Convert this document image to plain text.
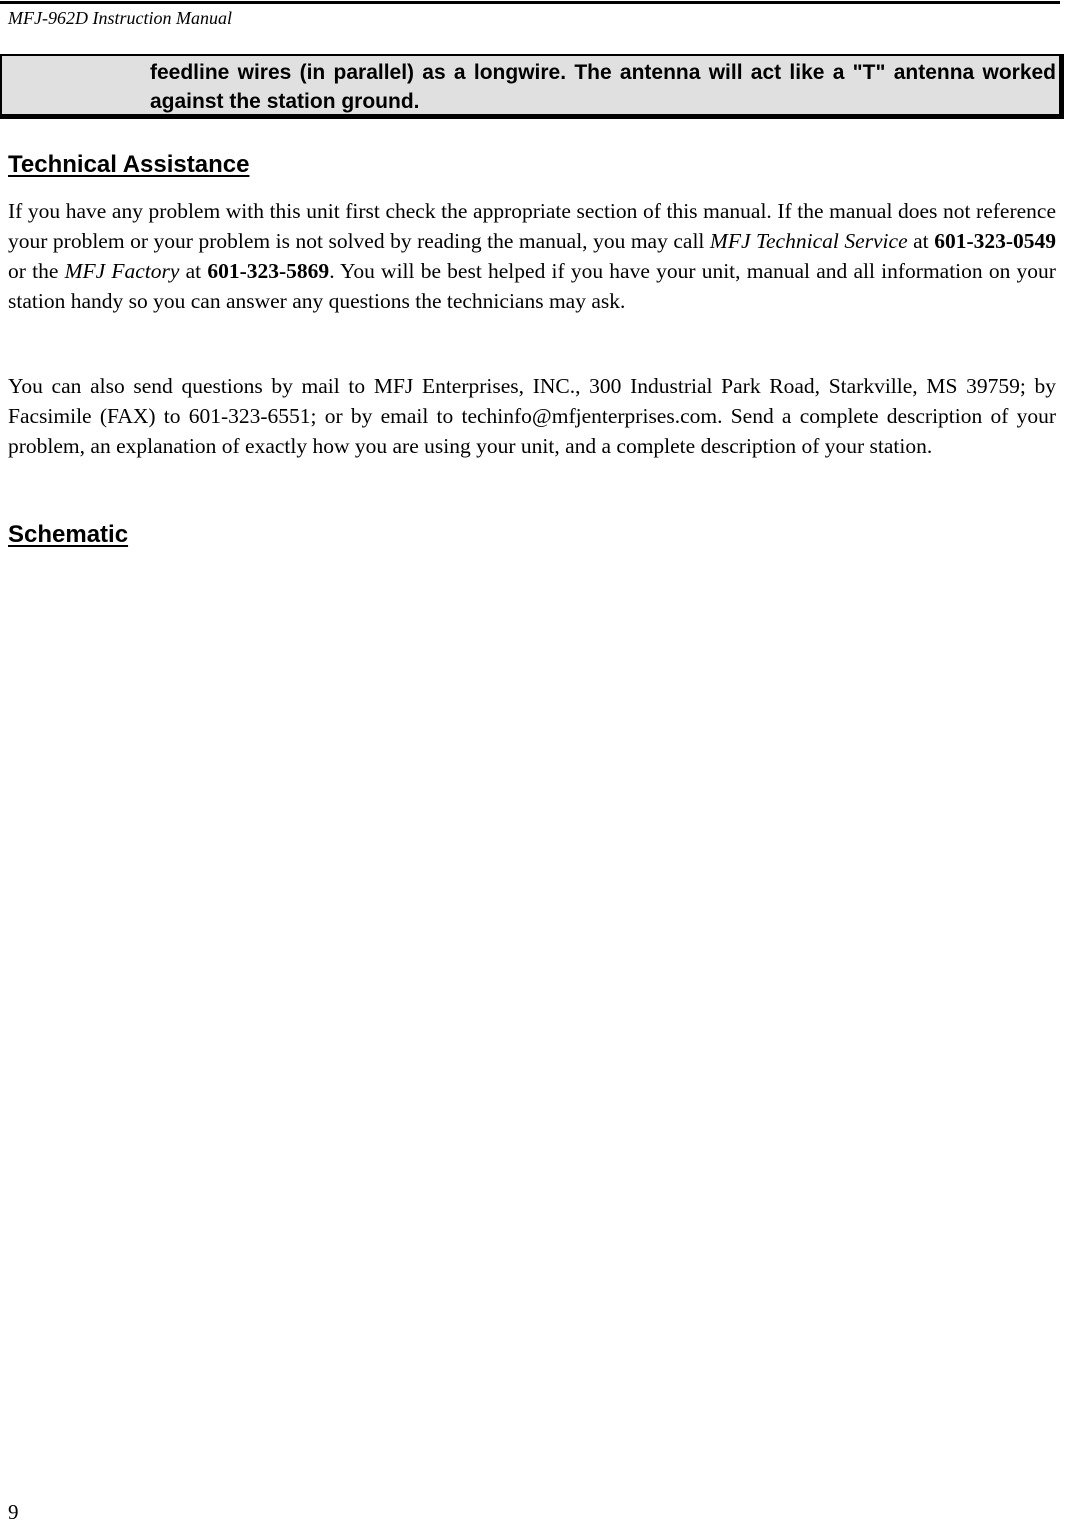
MFJ-962D Instruction Manual
feedline wires (in parallel) as a longwire. The antenna will act like a "T" antenna worked against the station ground.
Technical Assistance
If you have any problem with this unit first check the appropriate section of this manual. If the manual does not reference your problem or your problem is not solved by reading the manual, you may call MFJ Technical Service at 601-323-0549 or the MFJ Factory at 601-323-5869. You will be best helped if you have your unit, manual and all information on your station handy so you can answer any questions the technicians may ask.
You can also send questions by mail to MFJ Enterprises, INC., 300 Industrial Park Road, Starkville, MS 39759; by Facsimile (FAX) to 601-323-6551; or by email to techinfo@mfjenterprises.com. Send a complete description of your problem, an explanation of exactly how you are using your unit, and a complete description of your station.
Schematic
9
